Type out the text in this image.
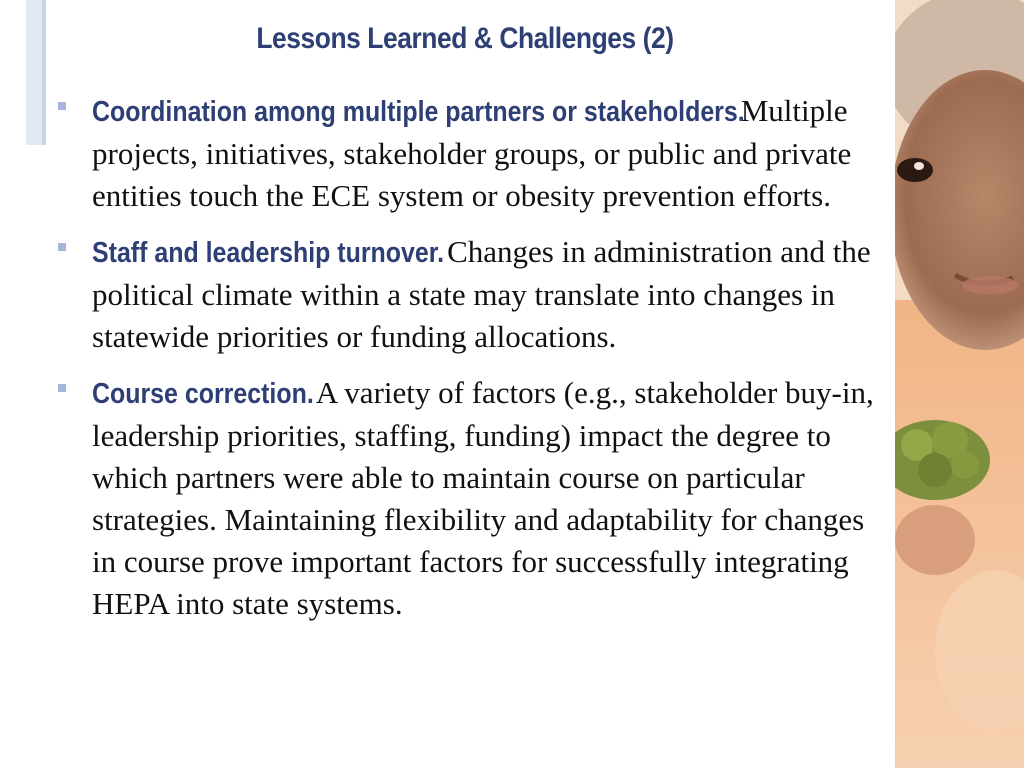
Lessons Learned & Challenges (2)
Coordination among multiple partners or stakeholders. Multiple projects, initiatives, stakeholder groups, or public and private entities touch the ECE system or obesity prevention efforts.
Staff and leadership turnover. Changes in administration and the political climate within a state may translate into changes in statewide priorities or funding allocations.
Course correction. A variety of factors (e.g., stakeholder buy-in, leadership priorities, staffing, funding) impact the degree to which partners were able to maintain course on particular strategies. Maintaining flexibility and adaptability for changes in course prove important factors for successfully integrating HEPA into state systems.
